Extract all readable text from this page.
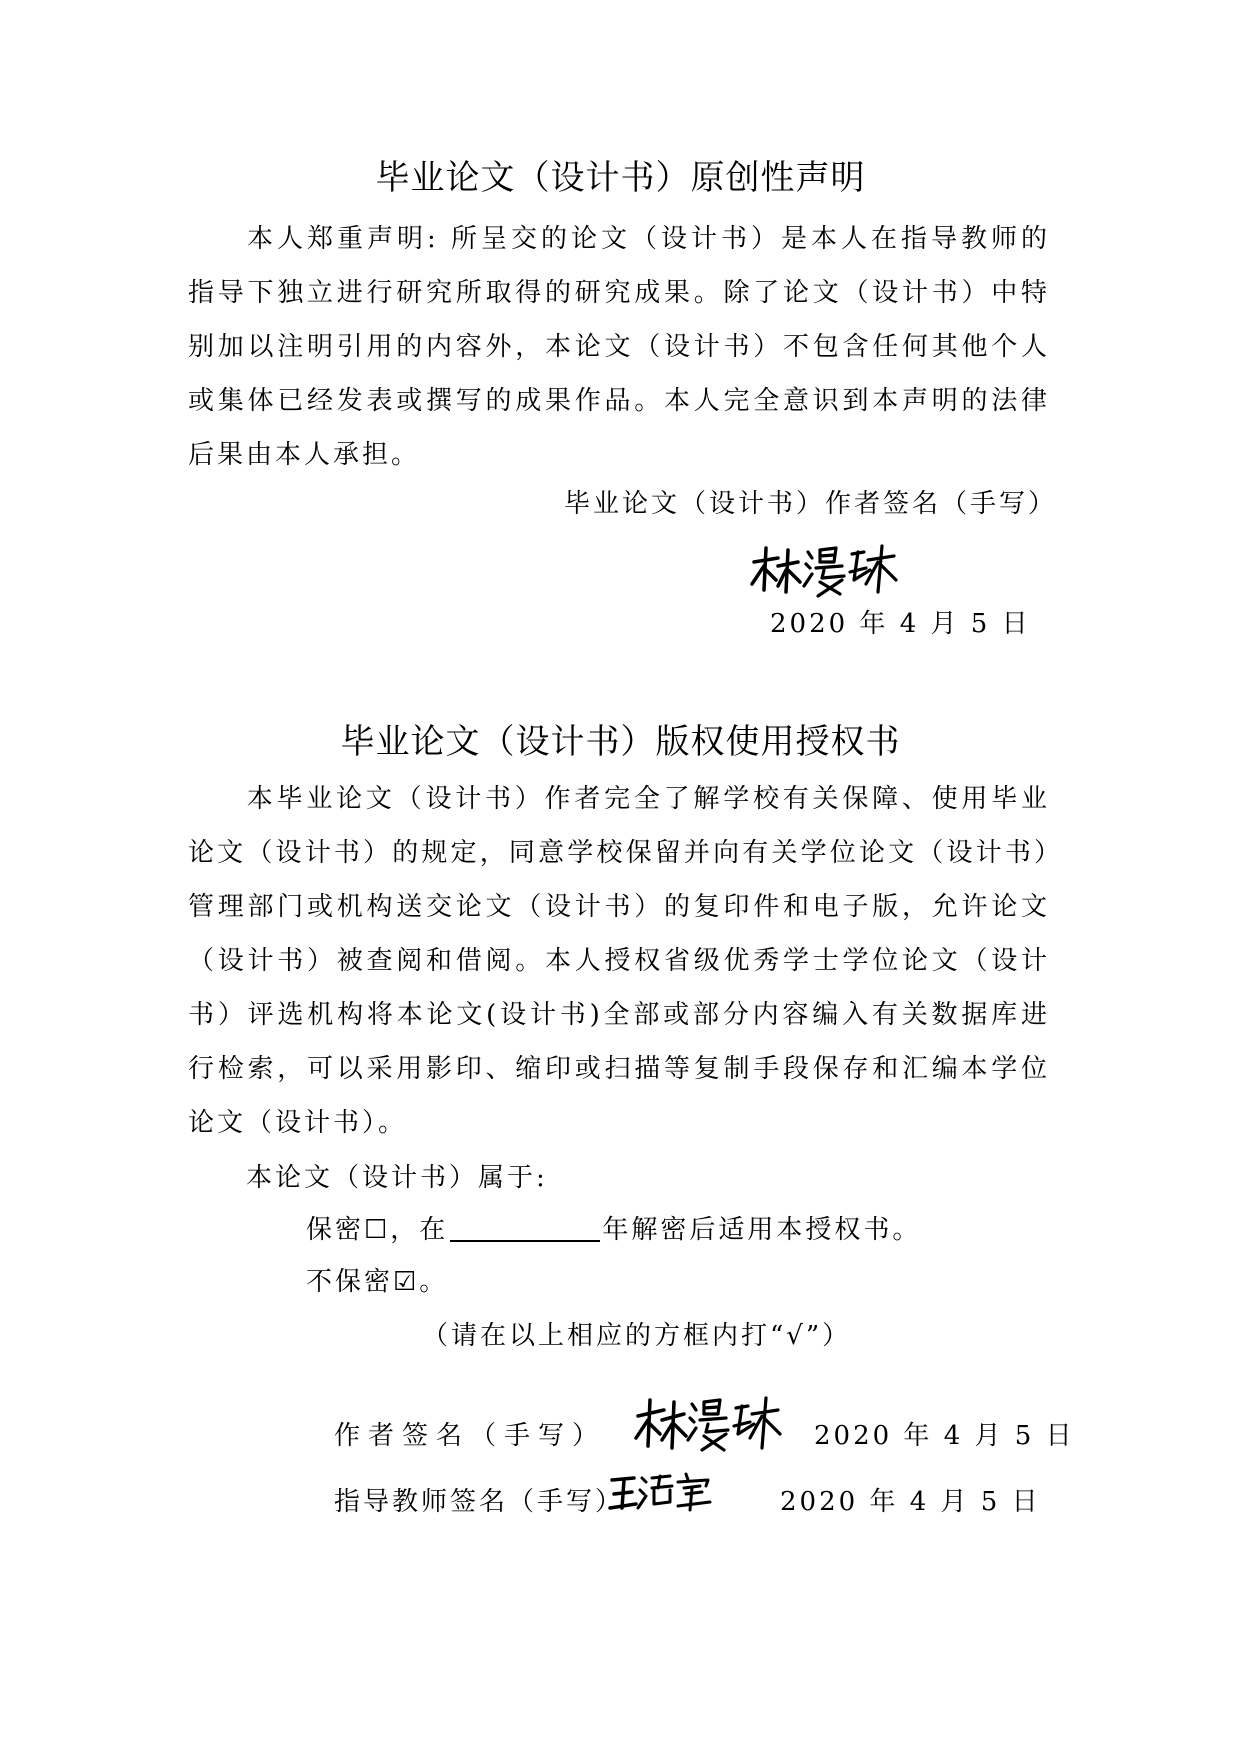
毕业论文（设计书）原创性声明
本人郑重声明: 所呈交的论文（设计书）是本人在指导教师的指导下独立进行研究所取得的研究成果。除了论文（设计书）中特别加以注明引用的内容外，本论文（设计书）不包含任何其他个人或集体已经发表或撰写的成果作品。本人完全意识到本声明的法律后果由本人承担。
毕业论文（设计书）作者签名（手写）
2020 年 4 月 5 日
毕业论文（设计书）版权使用授权书
本毕业论文（设计书）作者完全了解学校有关保障、使用毕业论文（设计书）的规定，同意学校保留并向有关学位论文（设计书）管理部门或机构送交论文（设计书）的复印件和电子版，允许论文（设计书）被查阅和借阅。本人授权省级优秀学士学位论文（设计书）评选机构将本论文(设计书)全部或部分内容编入有关数据库进行检索，可以采用影印、缩印或扫描等复制手段保存和汇编本学位论文（设计书）。
本论文（设计书）属于:
保密☐，在	年解密后适用本授权书。
不保密☑。
（请在以上相应的方框内打“√”）
作者签名（手写）	2020 年 4 月 5 日
指导教师签名（手写）	2020 年 4 月 5 日
